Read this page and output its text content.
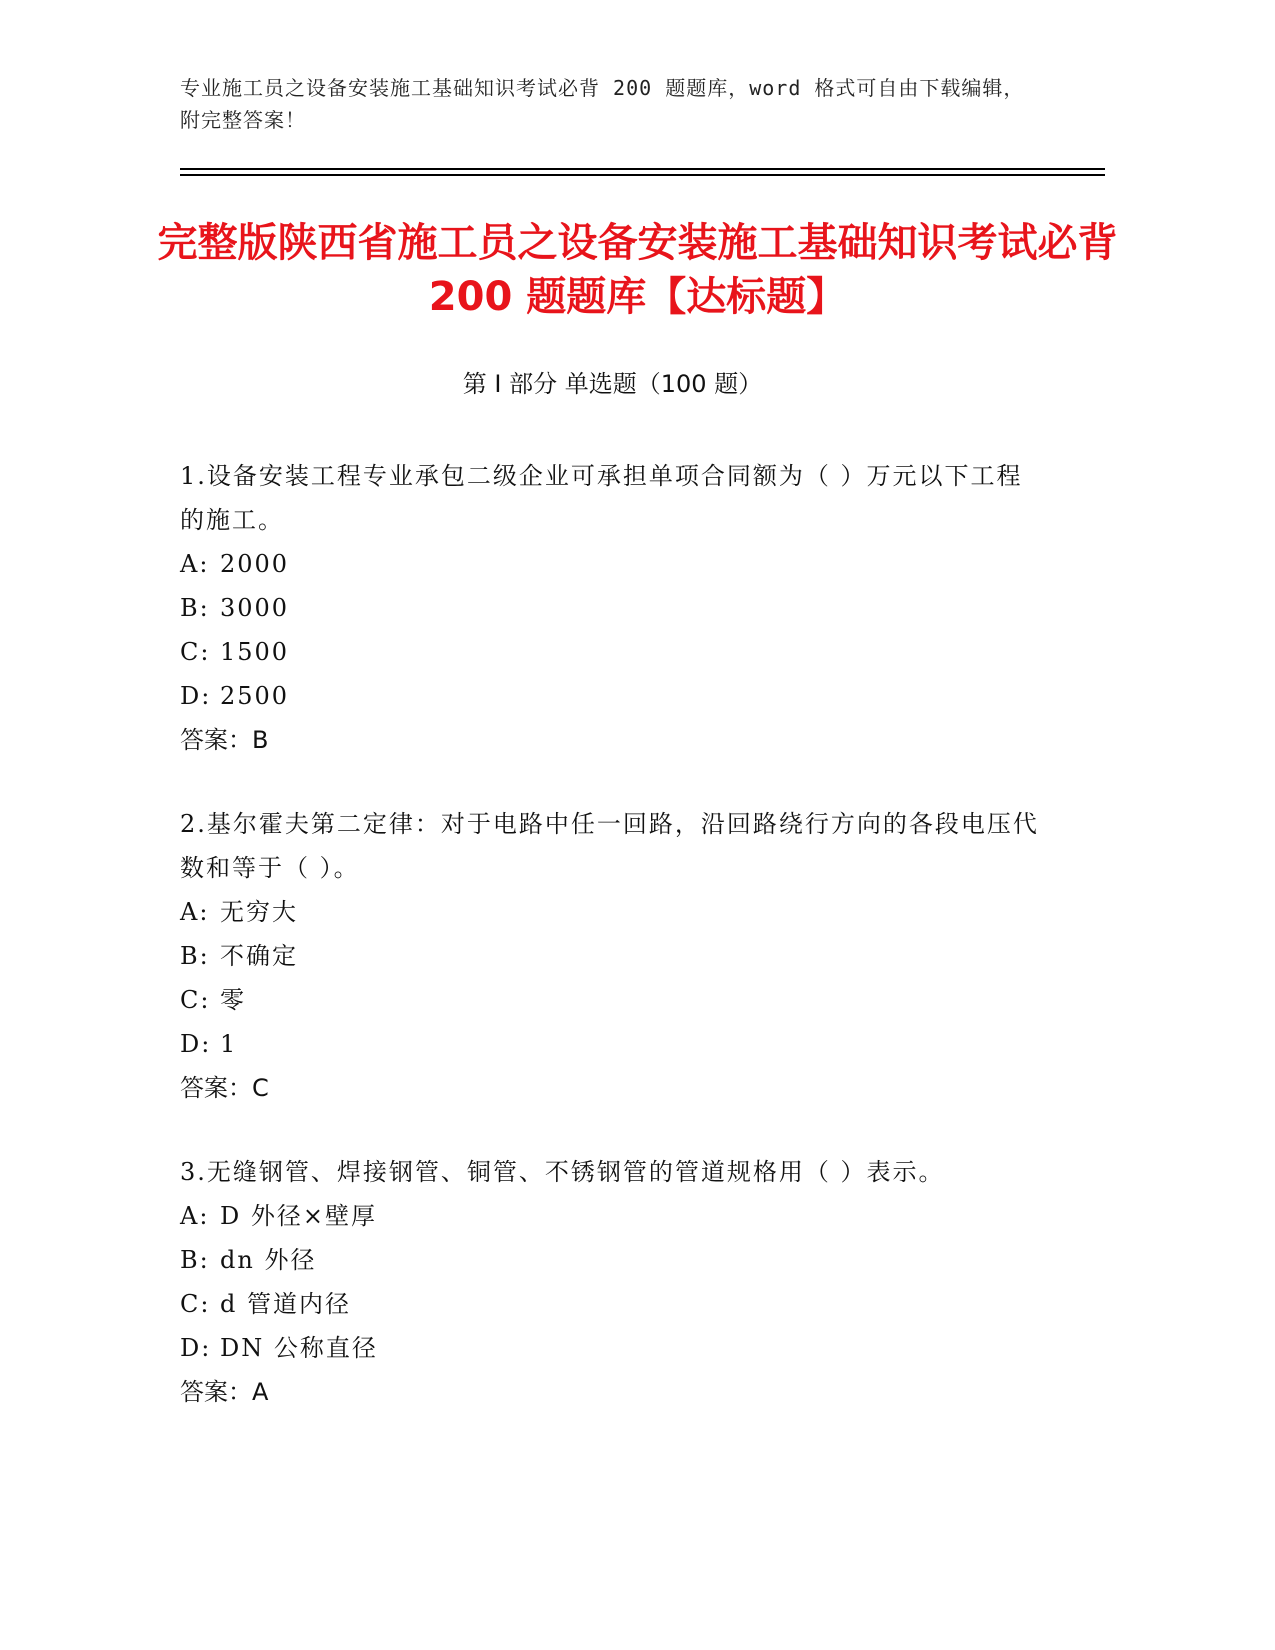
专业施工员之设备安装施工基础知识考试必背 200 题题库，word 格式可自由下载编辑，附完整答案！
完整版陕西省施工员之设备安装施工基础知识考试必背 200 题题库【达标题】
第 I 部分 单选题（100 题）
1.设备安装工程专业承包二级企业可承担单项合同额为（ ）万元以下工程的施工。
A: 2000
B: 3000
C: 1500
D: 2500
答案：B
2.基尔霍夫第二定律：对于电路中任一回路，沿回路绕行方向的各段电压代数和等于（ ）。
A: 无穷大
B: 不确定
C: 零
D: 1
答案：C
3.无缝钢管、焊接钢管、铜管、不锈钢管的管道规格用（ ）表示。
A: D 外径×壁厚
B: dn 外径
C: d 管道内径
D: DN 公称直径
答案：A
